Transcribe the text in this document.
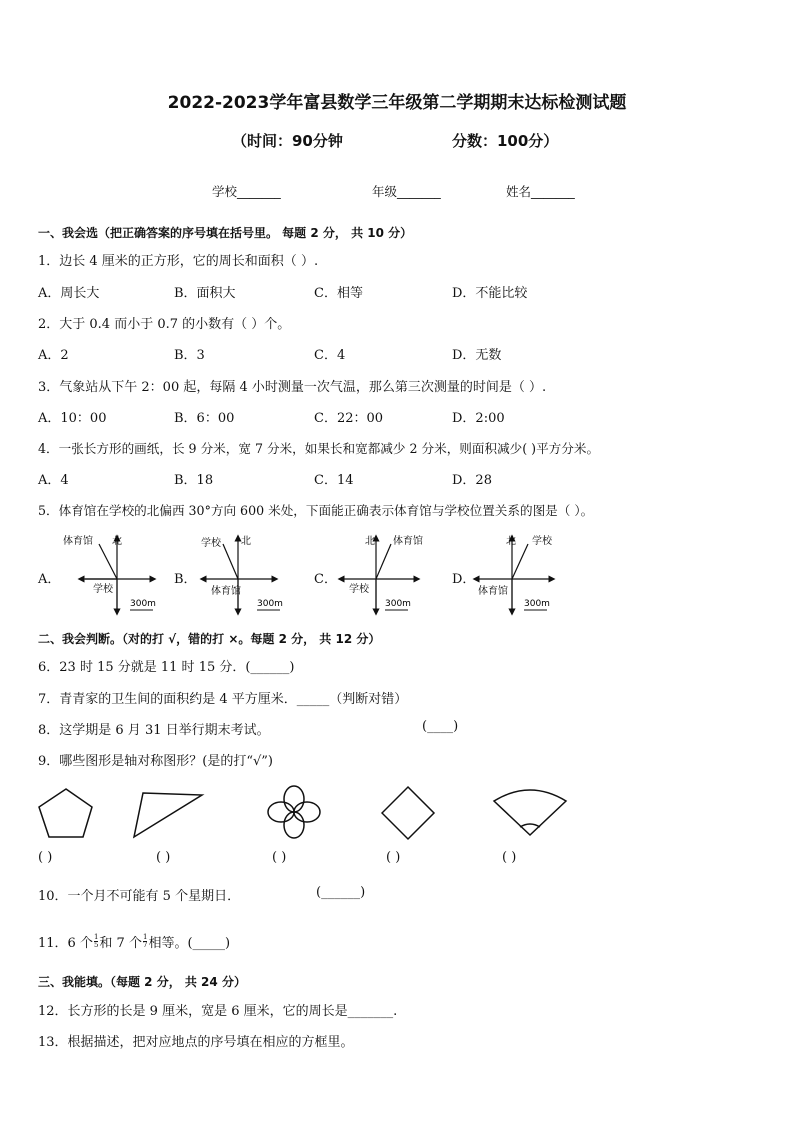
2022-2023学年富县数学三年级第二学期期末达标检测试题
（时间：90分钟	分数：100分）
学校_______	年级_______	姓名_______
一、我会选（把正确答案的序号填在括号里。 每题 2 分， 共 10 分）
1．边长 4 厘米的正方形，它的周长和面积（ ）.
A．周长大	B．面积大	C．相等	D．不能比较
2．大于 0.4 而小于 0.7 的小数有（ ）个。
A．2	B．3	C．4	D．无数
3．气象站从下午 2：00 起，每隔 4 小时测量一次气温，那么第三次测量的时间是（ ）.
A．10：00	B．6：00	C．22：00	D．2:00
4．一张长方形的画纸，长 9 分米，宽 7 分米，如果长和宽都减少 2 分米，则面积减少( )平方分米。
A．4	B．18	C．14	D．28
5．体育馆在学校的北偏西 30°方向 600 米处，下面能正确表示体育馆与学校位置关系的图是（ ）。
A．	B．	C．	D．
体育馆 北
学校
300m
学校 北
体育馆
300m
北 体育馆
学校
300m
北 学校
体育馆
300m
二、我会判断。（对的打 √，错的打 ×。每题 2 分， 共 12 分）
6．23 时 15 分就是 11 时 15 分．(______)
7．青青家的卫生间的面积约是 4 平方厘米．_____（判断对错）
8．这学期是 6 月 31 日举行期末考试。	(____)
9．哪些图形是轴对称图形？(是的打“√”)
( )	( )	( )	( )	( )
10．一个月不可能有 5 个星期日．	(______)
11．6 个 1
5 和 7 个 1
7 相等。(_____)
三、我能填。（每题 2 分， 共 24 分）
12．长方形的长是 9 厘米，宽是 6 厘米，它的周长是_______.
13．根据描述，把对应地点的序号填在相应的方框里。
